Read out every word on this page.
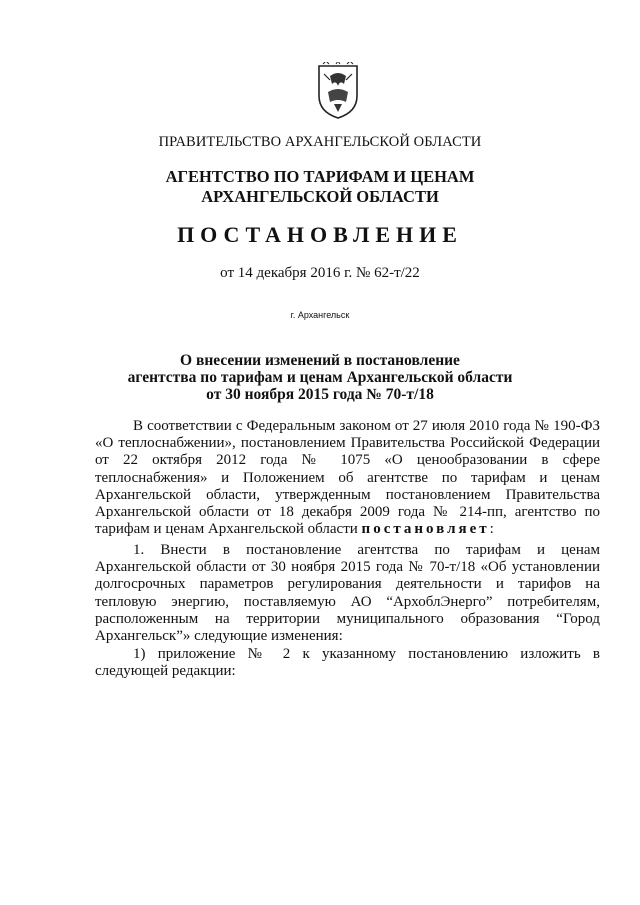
ПРАВИТЕЛЬСТВО АРХАНГЕЛЬСКОЙ ОБЛАСТИ
АГЕНТСТВО ПО ТАРИФАМ И ЦЕНАМ
АРХАНГЕЛЬСКОЙ ОБЛАСТИ
ПОСТАНОВЛЕНИЕ
от 14 декабря 2016 г. № 62-т/22
г. Архангельск
О внесении изменений в постановление
агентства по тарифам и ценам Архангельской области
от 30 ноября 2015 года № 70-т/18

В соответствии с Федеральным законом от 27 июля 2010 года № 190-ФЗ «О теплоснабжении», постановлением Правительства Российской Федерации от 22 октября 2012 года № 1075 «О ценообразовании в сфере теплоснабжения» и Положением об агентстве по тарифам и ценам Архангельской области, утвержденным постановлением Правительства Архангельской области от 18 декабря 2009 года № 214-пп, агентство по тарифам и ценам Архангельской области постановляет:

1. Внести в постановление агентства по тарифам и ценам Архангельской области от 30 ноября 2015 года № 70-т/18 «Об установлении долгосрочных параметров регулирования деятельности и тарифов на тепловую энергию, поставляемую АО “АрхоблЭнерго” потребителям, расположенным на территории муниципального образования “Город Архангельск”» следующие изменения:

1) приложение № 2 к указанному постановлению изложить в следующей редакции:
